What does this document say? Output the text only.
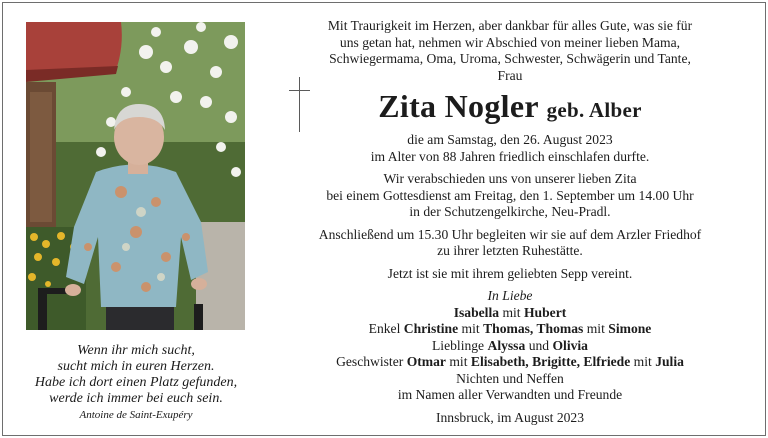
Wenn ihr mich sucht,
sucht mich in euren Herzen.
Habe ich dort einen Platz gefunden,
werde ich immer bei euch sein.
Antoine de Saint-Exupéry

Mit Traurigkeit im Herzen, aber dankbar für alles Gute, was sie für

uns getan hat, nehmen wir Abschied von meiner lieben Mama,

Schwiegermama, Oma, Uroma, Schwester, Schwägerin und Tante,

Frau

Zita Nogler geb. Alber

die am Samstag, den 26. August 2023

im Alter von 88 Jahren friedlich einschlafen durfte.

Wir verabschieden uns von unserer lieben Zita

bei einem Gottesdienst am Freitag, den 1. September um 14.00 Uhr

in der Schutzengelkirche, Neu-Pradl.

Anschließend um 15.30 Uhr begleiten wir sie auf dem Arzler Friedhof

zu ihrer letzten Ruhestätte.

Jetzt ist sie mit ihrem geliebten Sepp vereint.

In Liebe

Isabella mit Hubert

Enkel Christine mit Thomas, Thomas mit Simone

Lieblinge Alyssa und Olivia

Geschwister Otmar mit Elisabeth, Brigitte, Elfriede mit Julia

Nichten und Neffen

im Namen aller Verwandten und Freunde

Innsbruck, im August 2023
